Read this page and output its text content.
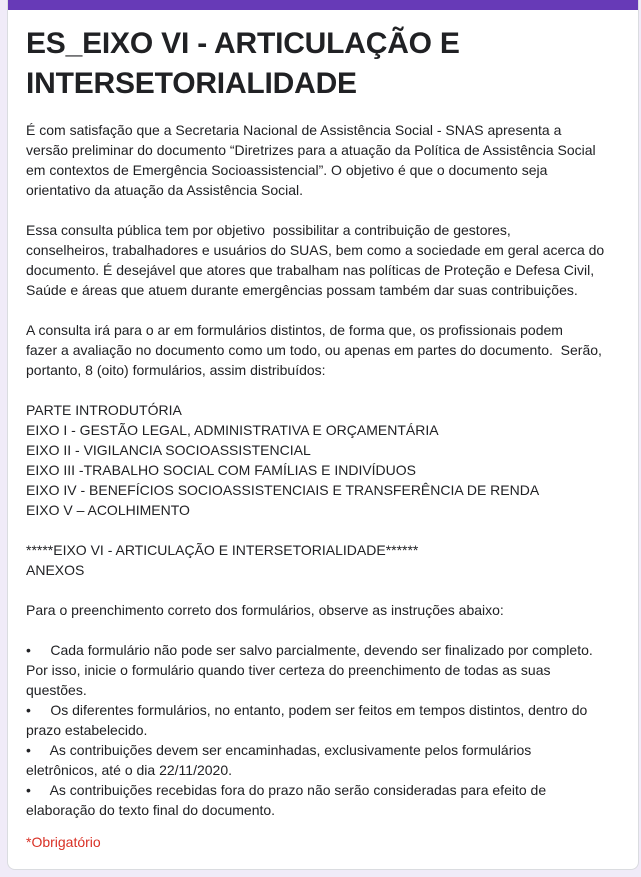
ES_EIXO VI - ARTICULAÇÃO E
INTERSETORIALIDADE
É com satisfação que a Secretaria Nacional de Assistência Social - SNAS apresenta a
versão preliminar do documento “Diretrizes para a atuação da Política de Assistência Social
em contextos de Emergência Socioassistencial”. O objetivo é que o documento seja
orientativo da atuação da Assistência Social.
Essa consulta pública tem por objetivo  possibilitar a contribuição de gestores,
conselheiros, trabalhadores e usuários do SUAS, bem como a sociedade em geral acerca do
documento. É desejável que atores que trabalham nas políticas de Proteção e Defesa Civil,
Saúde e áreas que atuem durante emergências possam também dar suas contribuições.
A consulta irá para o ar em formulários distintos, de forma que, os profissionais podem
fazer a avaliação no documento como um todo, ou apenas em partes do documento.  Serão,
portanto, 8 (oito) formulários, assim distribuídos:
PARTE INTRODUTÓRIA
EIXO I - GESTÃO LEGAL, ADMINISTRATIVA E ORÇAMENTÁRIA
EIXO II - VIGILANCIA SOCIOASSISTENCIAL
EIXO III -TRABALHO SOCIAL COM FAMÍLIAS E INDIVÍDUOS
EIXO IV - BENEFÍCIOS SOCIOASSISTENCIAIS E TRANSFERÊNCIA DE RENDA
EIXO V – ACOLHIMENTO
*****EIXO VI - ARTICULAÇÃO E INTERSETORIALIDADE******
ANEXOS
Para o preenchimento correto dos formulários, observe as instruções abaixo:
•     Cada formulário não pode ser salvo parcialmente, devendo ser finalizado por completo.
Por isso, inicie o formulário quando tiver certeza do preenchimento de todas as suas
questões.
•     Os diferentes formulários, no entanto, podem ser feitos em tempos distintos, dentro do
prazo estabelecido.
•     As contribuições devem ser encaminhadas, exclusivamente pelos formulários
eletrônicos, até o dia 22/11/2020.
•     As contribuições recebidas fora do prazo não serão consideradas para efeito de
elaboração do texto final do documento.
*Obrigatório
